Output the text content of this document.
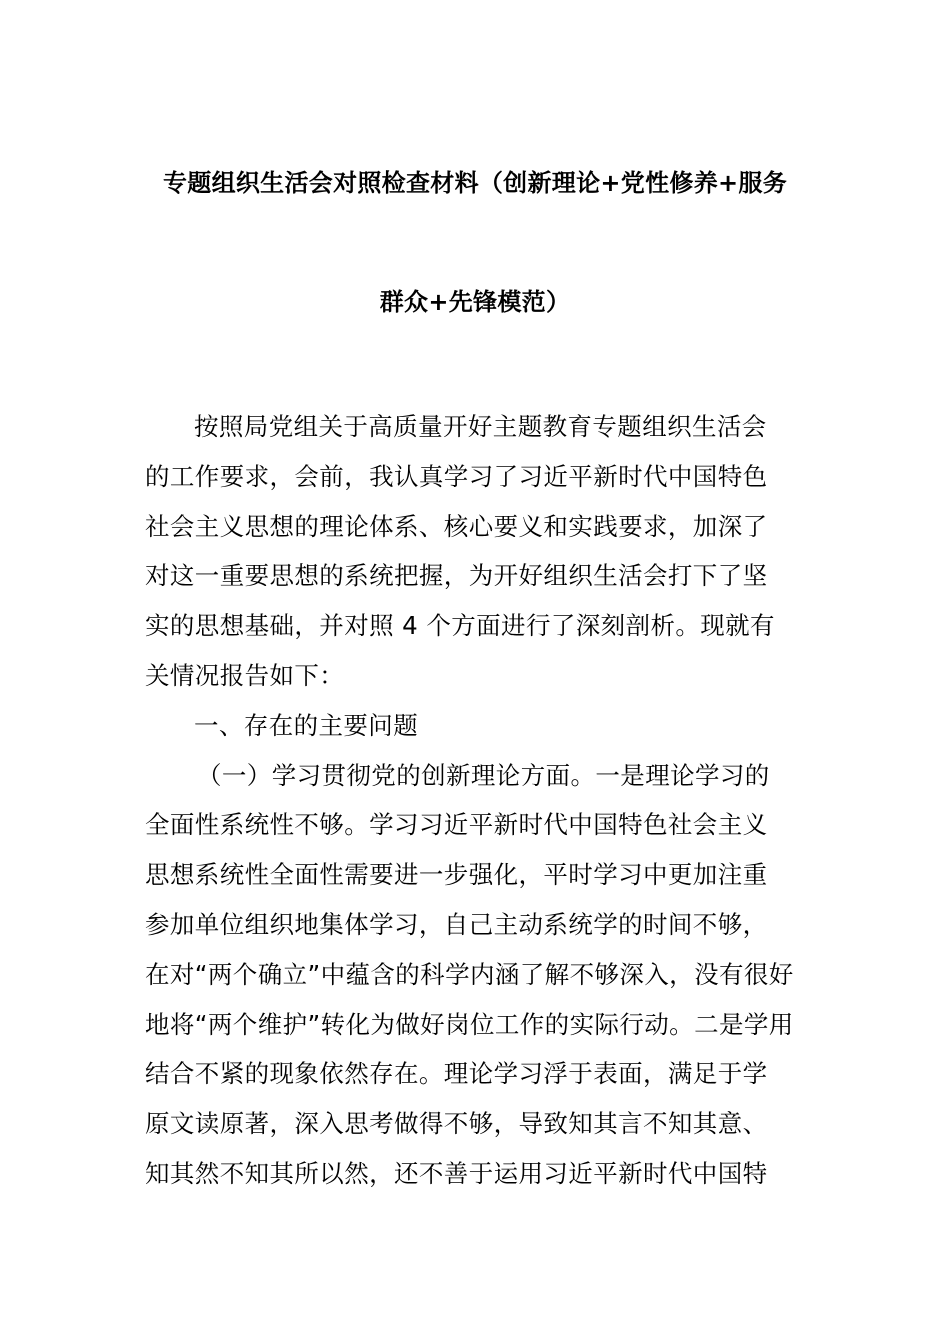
专题组织生活会对照检查材料（创新理论+党性修养+服务
群众+先锋模范）
按照局党组关于高质量开好主题教育专题组织生活会
的工作要求，会前，我认真学习了习近平新时代中国特色
社会主义思想的理论体系、核心要义和实践要求，加深了
对这一重要思想的系统把握，为开好组织生活会打下了坚
实的思想基础，并对照 4 个方面进行了深刻剖析。现就有
关情况报告如下：
一、存在的主要问题
（一）学习贯彻党的创新理论方面。一是理论学习的
全面性系统性不够。学习习近平新时代中国特色社会主义
思想系统性全面性需要进一步强化，平时学习中更加注重
参加单位组织地集体学习，自己主动系统学的时间不够，
在对“两个确立”中蕴含的科学内涵了解不够深入，没有很好
地将“两个维护”转化为做好岗位工作的实际行动。二是学用
结合不紧的现象依然存在。理论学习浮于表面，满足于学
原文读原著，深入思考做得不够，导致知其言不知其意、
知其然不知其所以然，还不善于运用习近平新时代中国特
